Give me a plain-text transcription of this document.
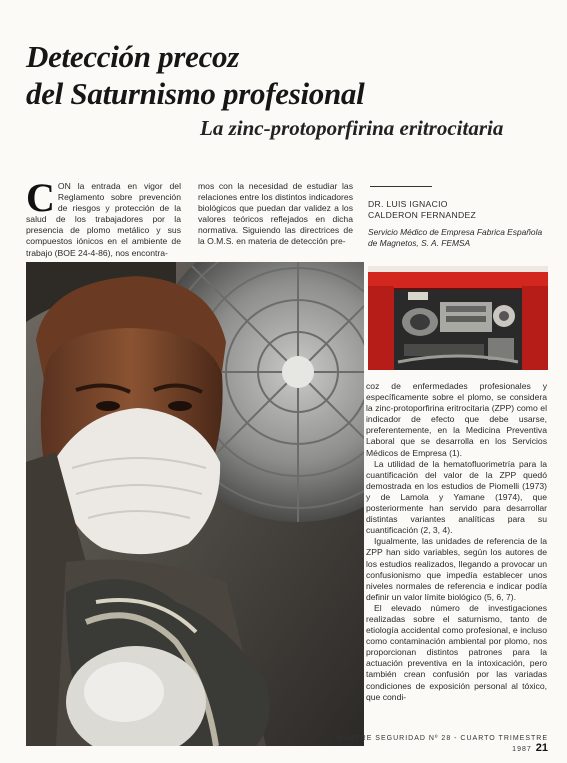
Detección precoz
del Saturnismo profesional
La zinc-protoporfirina eritrocitaria
C ON la entrada en vigor del Reglamento sobre prevención de riesgos y protección de la salud de los trabajadores por la presencia de plomo metálico y sus compuestos iónicos en el ambiente de trabajo (BOE 24-4-86), nos encontra-
mos con la necesidad de estudiar las relaciones entre los distintos indicadores biológicos que puedan dar validez a los valores teóricos reflejados en dicha normativa. Siguiendo las directrices de la O.M.S. en materia de detección pre-

DR. LUIS IGNACIO
CALDERON FERNANDEZ

Servicio Médico de Empresa Fabrica Española de Magnetos, S. A. FEMSA

coz de enfermedades profesionales y específicamente sobre el plomo, se considera la zinc-protoporfirina eritrocitaria (ZPP) como el indicador de efecto que debe usarse, preferentemente, en la Medicina Preventiva Laboral que se desarrolla en los Servicios Médicos de Empresa (1).

La utilidad de la hematofluorimetría para la cuantificación del valor de la ZPP quedó demostrada en los estudios de Piomelli (1973) y de Lamola y Yamane (1974), que posteriormente han servido para desarrollar distintas variantes analíticas para su cuantificación (2, 3, 4).

Igualmente, las unidades de referencia de la ZPP han sido variables, según los autores de los estudios realizados, llegando a provocar un confusionismo que impedía establecer unos niveles normales de referencia e indicar podía definir un valor límite biológico (5, 6, 7).

El elevado número de investigaciones realizadas sobre el saturnismo, tanto de etiología accidental como profesional, e incluso como contaminación ambiental por plomo, nos proporcionan distintos patrones para la actuación preventiva en la intoxicación, pero también crean confusión por las variadas condiciones de exposición personal al tóxico, que condi-

MAPFRE SEGURIDAD Nº 28 - CUARTO TRIMESTRE 1987 21
